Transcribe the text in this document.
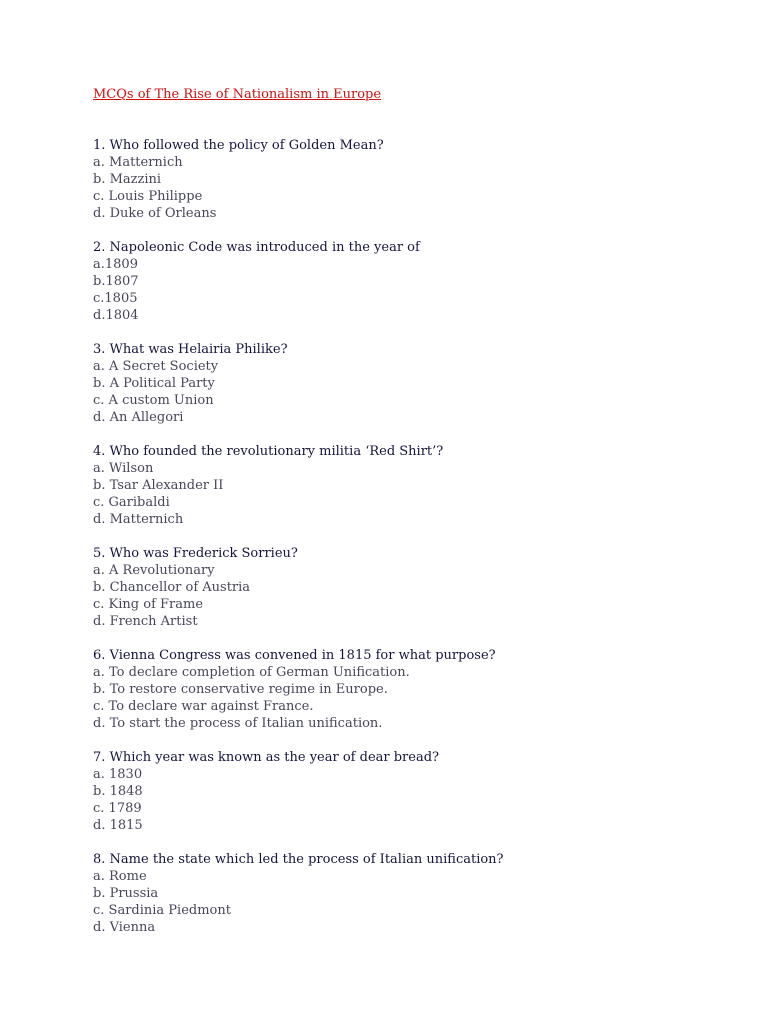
MCQs of The Rise of Nationalism in Europe
1. Who followed the policy of Golden Mean?
a. Matternich
b. Mazzini
c. Louis Philippe
d. Duke of Orleans
2. Napoleonic Code was introduced in the year of
a.1809
b.1807
c.1805
d.1804
3. What was Helairia Philike?
a. A Secret Society
b. A Political Party
c. A custom Union
d. An Allegori
4. Who founded the revolutionary militia ‘Red Shirt’?
a. Wilson
b. Tsar Alexander II
c. Garibaldi
d. Matternich
5. Who was Frederick Sorrieu?
a. A Revolutionary
b. Chancellor of Austria
c. King of Frame
d. French Artist
6. Vienna Congress was convened in 1815 for what purpose?
a. To declare completion of German Unification.
b. To restore conservative regime in Europe.
c. To declare war against France.
d. To start the process of Italian unification.
7. Which year was known as the year of dear bread?
a. 1830
b. 1848
c. 1789
d. 1815
8. Name the state which led the process of Italian unification?
a. Rome
b. Prussia
c. Sardinia Piedmont
d. Vienna
